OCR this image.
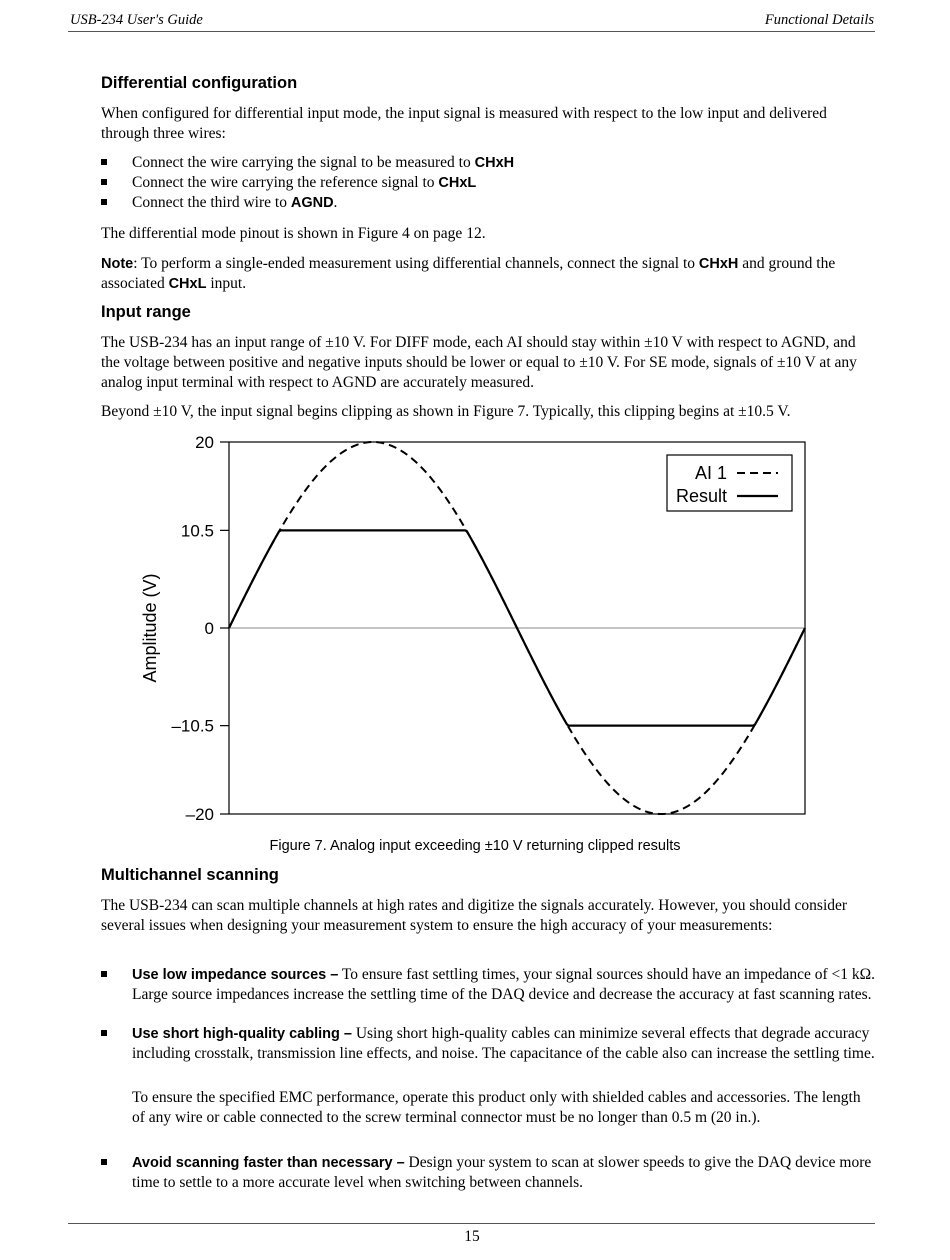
USB-234 User's Guide	Functional Details
Differential configuration

When configured for differential input mode, the input signal is measured with respect to the low input and delivered through three wires:

Connect the wire carrying the signal to be measured to CHxH
Connect the wire carrying the reference signal to CHxL
Connect the third wire to AGND.

The differential mode pinout is shown in Figure 4 on page 12.

Note: To perform a single-ended measurement using differential channels, connect the signal to CHxH and ground the associated CHxL input.

Input range

The USB-234 has an input range of ±10 V. For DIFF mode, each AI should stay within ±10 V with respect to AGND, and the voltage between positive and negative inputs should be lower or equal to ±10 V. For SE mode, signals of ±10 V at any analog input terminal with respect to AGND are accurately measured.

Beyond ±10 V, the input signal begins clipping as shown in Figure 7. Typically, this clipping begins at ±10.5 V.

20
10.5
0
–10.5
–20
Amplitude (V)
AI 1
Result
Figure 7. Analog input exceeding ±10 V returning clipped results
Multichannel scanning

The USB-234 can scan multiple channels at high rates and digitize the signals accurately. However, you should consider several issues when designing your measurement system to ensure the high accuracy of your measurements:

Use low impedance sources – To ensure fast settling times, your signal sources should have an impedance of <1 kΩ. Large source impedances increase the settling time of the DAQ device and decrease the accuracy at fast scanning rates.
Use short high-quality cabling – Using short high-quality cables can minimize several effects that degrade accuracy including crosstalk, transmission line effects, and noise. The capacitance of the cable also can increase the settling time.

To ensure the specified EMC performance, operate this product only with shielded cables and accessories. The length of any wire or cable connected to the screw terminal connector must be no longer than 0.5 m (20 in.).

Avoid scanning faster than necessary – Design your system to scan at slower speeds to give the DAQ device more time to settle to a more accurate level when switching between channels.
15
